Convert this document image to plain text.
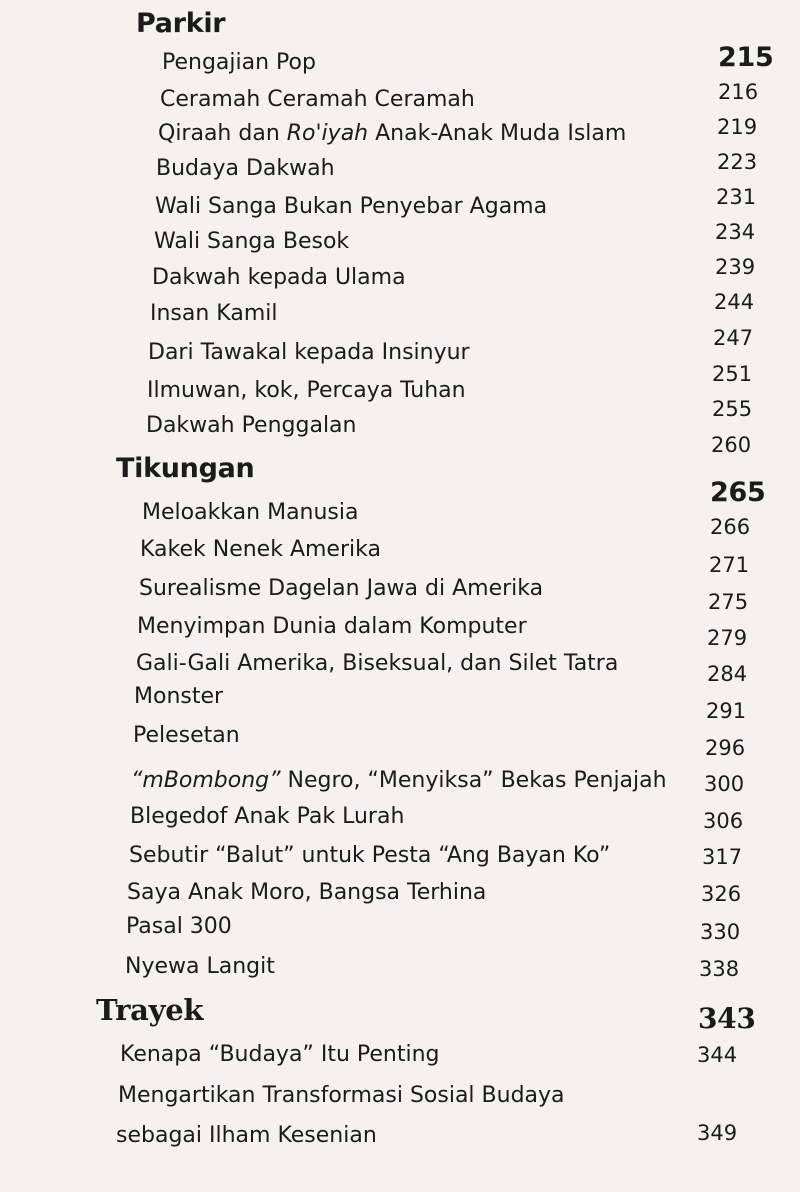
Parkir
215
Pengajian Pop
Ceramah Ceramah Ceramah
Qiraah dan Ro'iyah Anak-Anak Muda Islam
Budaya Dakwah
Wali Sanga Bukan Penyebar Agama
Wali Sanga Besok
Dakwah kepada Ulama
Insan Kamil
Dari Tawakal kepada Insinyur
Ilmuwan, kok, Percaya Tuhan
Dakwah Penggalan
216
219
223
231
234
239
244
247
251
255
260
Tikungan
265
Meloakkan Manusia
Kakek Nenek Amerika
Surealisme Dagelan Jawa di Amerika
Menyimpan Dunia dalam Komputer
Gali-Gali Amerika, Biseksual, dan Silet Tatra
Monster
Pelesetan
“mBombong” Negro, “Menyiksa” Bekas Penjajah
Blegedof Anak Pak Lurah
Sebutir “Balut” untuk Pesta “Ang Bayan Ko”
Saya Anak Moro, Bangsa Terhina
Pasal 300
Nyewa Langit
266
271
275
279
284
291
296
300
306
317
326
330
338
Trayek	343
Kenapa “Budaya” Itu Penting
Mengartikan Transformasi Sosial Budaya
sebagai Ilham Kesenian
344
349
